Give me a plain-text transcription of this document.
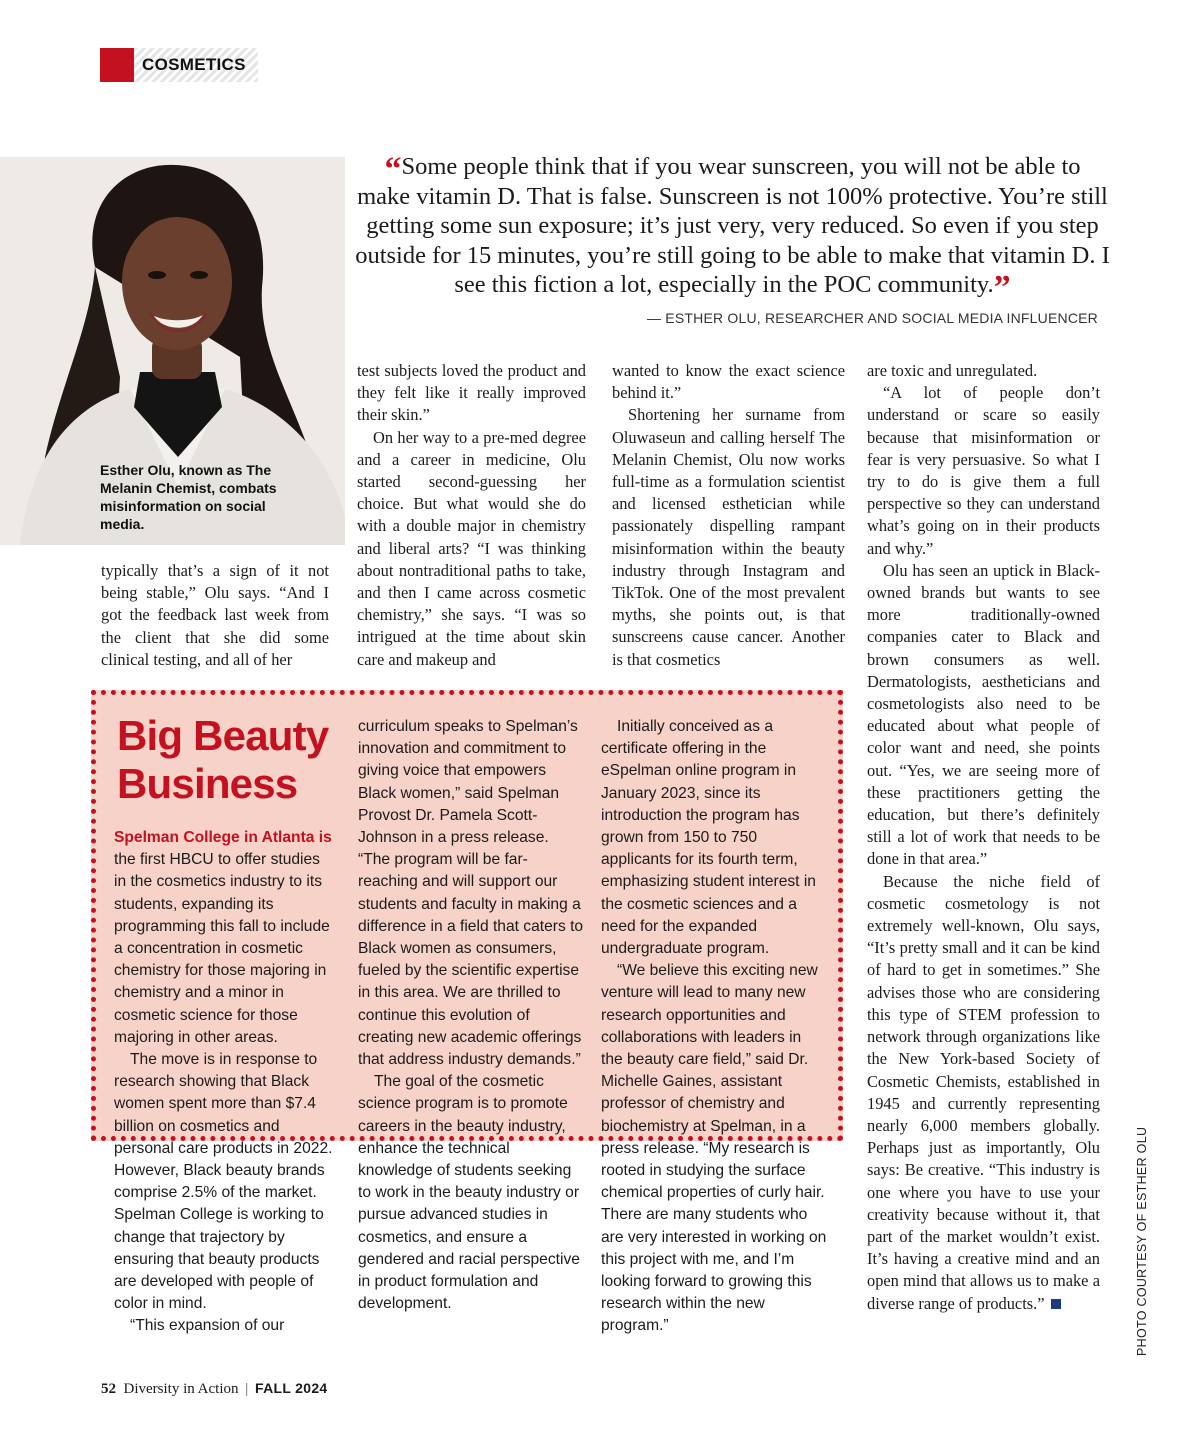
COSMETICS
Esther Olu, known as The Melanin Chemist, combats misinformation on social media.
“Some people think that if you wear sunscreen, you will not be able to make vitamin D. That is false. Sunscreen is not 100% protective. You’re still getting some sun exposure; it’s just very, very reduced. So even if you step outside for 15 minutes, you’re still going to be able to make that vitamin D. I see this fiction a lot, especially in the POC community.”
— ESTHER OLU, RESEARCHER AND SOCIAL MEDIA INFLUENCER

typically that’s a sign of it not being stable,” Olu says. “And I got the feedback last week from the client that she did some clinical testing, and all of her

test subjects loved the product and they felt like it really improved their skin.”

On her way to a pre-med degree and a career in medicine, Olu started second-guessing her choice. But what would she do with a double major in chemistry and liberal arts? “I was thinking about nontraditional paths to take, and then I came across cosmetic chemistry,” she says. “I was so intrigued at the time about skin care and makeup and

wanted to know the exact science behind it.”

Shortening her surname from Oluwaseun and calling herself The Melanin Chemist, Olu now works full-time as a formulation scientist and licensed esthetician while passionately dispelling rampant misinformation within the beauty industry through Instagram and TikTok. One of the most prevalent myths, she points out, is that sunscreens cause cancer. Another is that cosmetics

are toxic and unregulated.

“A lot of people don’t understand or scare so easily because that misinformation or fear is very persuasive. So what I try to do is give them a full perspective so they can understand what’s going on in their products and why.”

Olu has seen an uptick in Black-owned brands but wants to see more traditionally-owned companies cater to Black and brown consumers as well. Dermatologists, aestheticians and cosmetologists also need to be educated about what people of color want and need, she points out. “Yes, we are seeing more of these practitioners getting the education, but there’s definitely still a lot of work that needs to be done in that area.”

Because the niche field of cosmetic cosmetology is not extremely well-known, Olu says, “It’s pretty small and it can be kind of hard to get in sometimes.” She advises those who are considering this type of STEM profession to network through organizations like the New York-based Society of Cosmetic Chemists, established in 1945 and currently representing nearly 6,000 members globally. Perhaps just as importantly, Olu says: Be creative. “This industry is one where you have to use your creativity because without it, that part of the market wouldn’t exist. It’s having a creative mind and an open mind that allows us to make a diverse range of products.”

Big Beauty Business

Spelman College in Atlanta is the first HBCU to offer studies in the cosmetics industry to its students, expanding its programming this fall to include a concentration in cosmetic chemistry for those majoring in chemistry and a minor in cosmetic science for those majoring in other areas.

The move is in response to research showing that Black women spent more than $7.4 billion on cosmetics and personal care products in 2022. However, Black beauty brands comprise 2.5% of the market. Spelman College is working to change that trajectory by ensuring that beauty products are developed with people of color in mind.

“This expansion of our

curriculum speaks to Spelman’s innovation and commitment to giving voice that empowers Black women,” said Spelman Provost Dr. Pamela Scott-Johnson in a press release. “The program will be far-reaching and will support our students and faculty in making a difference in a field that caters to Black women as consumers, fueled by the scientific expertise in this area. We are thrilled to continue this evolution of creating new academic offerings that address industry demands.”

The goal of the cosmetic science program is to promote careers in the beauty industry, enhance the technical knowledge of students seeking to work in the beauty industry or pursue advanced studies in cosmetics, and ensure a gendered and racial perspective in product formulation and development.

Initially conceived as a certificate offering in the eSpelman online program in January 2023, since its introduction the program has grown from 150 to 750 applicants for its fourth term, emphasizing student interest in the cosmetic sciences and a need for the expanded undergraduate program.

“We believe this exciting new venture will lead to many new research opportunities and collaborations with leaders in the beauty care field,” said Dr. Michelle Gaines, assistant professor of chemistry and biochemistry at Spelman, in a press release. “My research is rooted in studying the surface chemical properties of curly hair. There are many students who are very interested in working on this project with me, and I’m looking forward to growing this research within the new program.”	PHOTO COURTESY OF ESTHER OLU
52 Diversity in Action | FALL 2024
